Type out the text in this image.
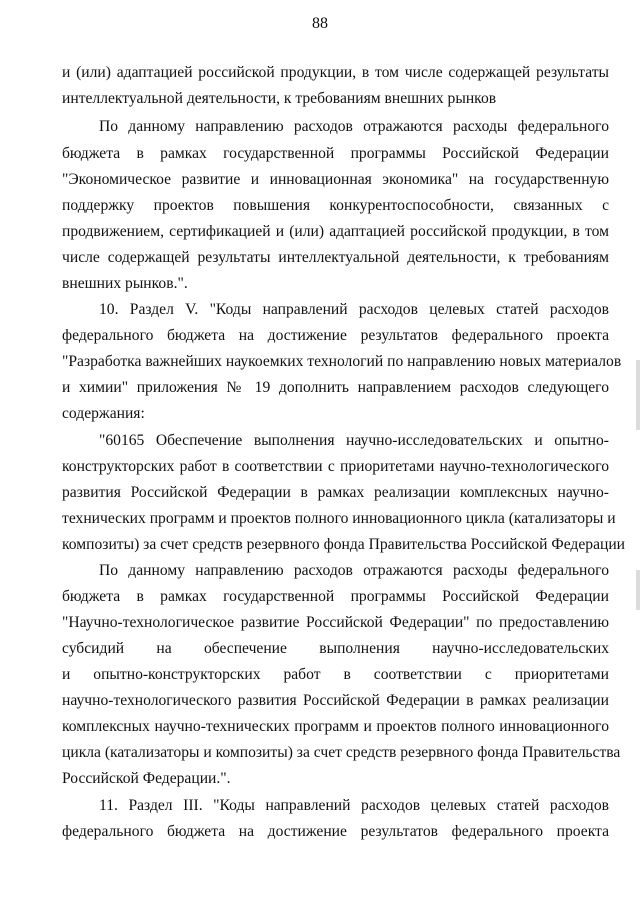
88
и (или) адаптацией российской продукции, в том числе содержащей результаты
интеллектуальной деятельности, к требованиям внешних рынков
По данному направлению расходов отражаются расходы федерального
бюджета в рамках государственной программы Российской Федерации
"Экономическое развитие и инновационная экономика" на государственную
поддержку проектов повышения конкурентоспособности, связанных с
продвижением, сертификацией и (или) адаптацией российской продукции, в том
числе содержащей результаты интеллектуальной деятельности, к требованиям
внешних рынков.".
10. Раздел V. "Коды направлений расходов целевых статей расходов
федерального бюджета на достижение результатов федерального проекта
"Разработка важнейших наукоемких технологий по направлению новых материалов
и химии" приложения № 19 дополнить направлением расходов следующего
содержания:
"60165 Обеспечение выполнения научно-исследовательских и опытно-
конструкторских работ в соответствии с приоритетами научно-технологического
развития Российской Федерации в рамках реализации комплексных научно-
технических программ и проектов полного инновационного цикла (катализаторы и
композиты) за счет средств резервного фонда Правительства Российской Федерации
По данному направлению расходов отражаются расходы федерального
бюджета в рамках государственной программы Российской Федерации
"Научно-технологическое развитие Российской Федерации" по предоставлению
субсидий на обеспечение выполнения научно-исследовательских
и опытно-конструкторских работ в соответствии с приоритетами
научно-технологического развития Российской Федерации в рамках реализации
комплексных научно-технических программ и проектов полного инновационного
цикла (катализаторы и композиты) за счет средств резервного фонда Правительства
Российской Федерации.".
11. Раздел III. "Коды направлений расходов целевых статей расходов
федерального бюджета на достижение результатов федерального проекта
